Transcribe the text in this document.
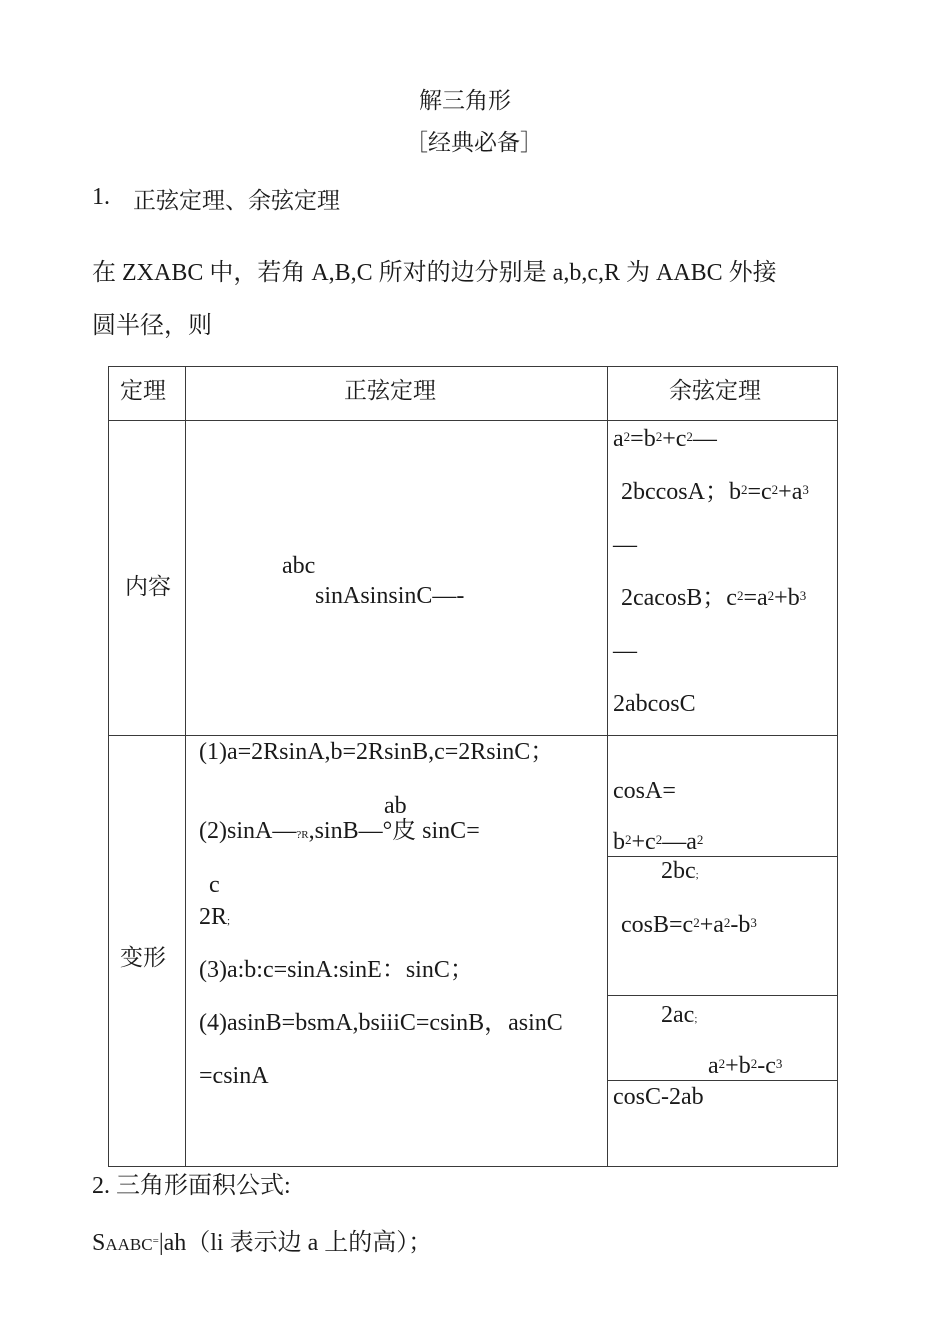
解三角形
［经典必备］
1. 正弦定理、余弦定理
在 ZXABC 中，若角 A,B,C 所对的边分别是 a,b,c,R 为 AABC 外接
圆半径，则
定理	正弦定理	余弦定理
内容
abc
sinAsinsinC—-
$a^2=b^2+c^2—$
2bccosA；$b^2=c^2+a^3$
—
2cacosB；$c^2=a^2+b^3$
—
2abcosC
变形
(1)a=2RsinA,b=2RsinB,c=2RsinC；
ab
(2)sinA—?R,sinB—°皮 sinC=
c
2R;
(3)a:b:c=sinA:sinE：sinC；
(4)asinB=bsmA,bsiiiC=csinB，asinC
=csinA
cosA=
$b^2+c^2—a^2$
2bc;
$\cos B=c^2+a^2-b^3$
2ac;
$a^2+b^2-c^3$
cosC-2ab
2. 三角形面积公式:
SAABC=|ah（li 表示边 a 上的高）；
